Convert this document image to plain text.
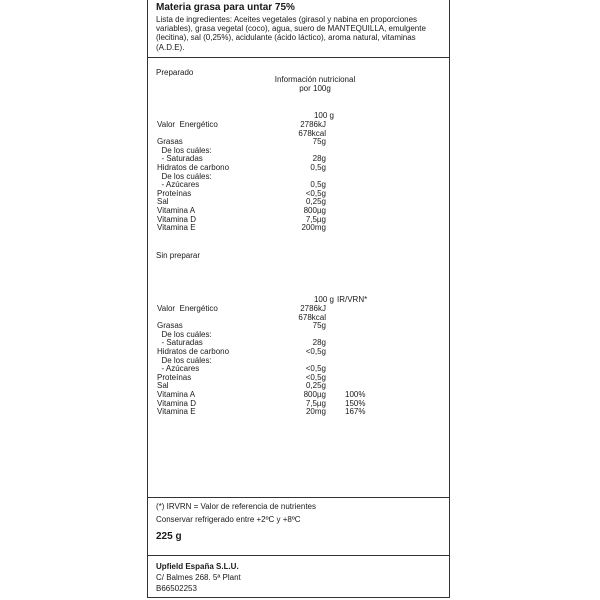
Materia grasa para untar 75%
Lista de ingredientes: Aceites vegetales (girasol y nabina en proporciones variables), grasa vegetal (coco), agua, suero de MANTEQUILLA, emulgente (lecitina), sal (0,25%), acidulante (ácido láctico), aroma natural, vitaminas (A.D.E).
Preparado
Información nutricional
por 100g
100 g
Valor  Energético	2786kJ
678kcal
Grasas	75g
De los cuáles:
- Saturadas	28g
Hidratos de carbono	0,5g
De los cuáles:
- Azúcares	0,5g
Proteínas	<0,5g
Sal	0,25g
Vitamina A	800µg
Vitamina D	7,5µg
Vitamina E	200mg
Sin preparar
100 g IR/VRN*
Valor  Energético	2786kJ
678kcal
Grasas	75g
De los cuáles:
- Saturadas	28g
Hidratos de carbono	<0,5g
De los cuáles:
- Azúcares	<0,5g
Proteínas	<0,5g
Sal	0,25g
Vitamina A	800µg 100%
Vitamina D	7,5µg 150%
Vitamina E	20mg 167%
(*) IRVRN = Valor de referencia de nutrientes
Conservar refrigerado entre +2ºC y +8ºC
225 g
Upfield España S.L.U.
C/ Balmes 268. 5ª Plant
B66502253
